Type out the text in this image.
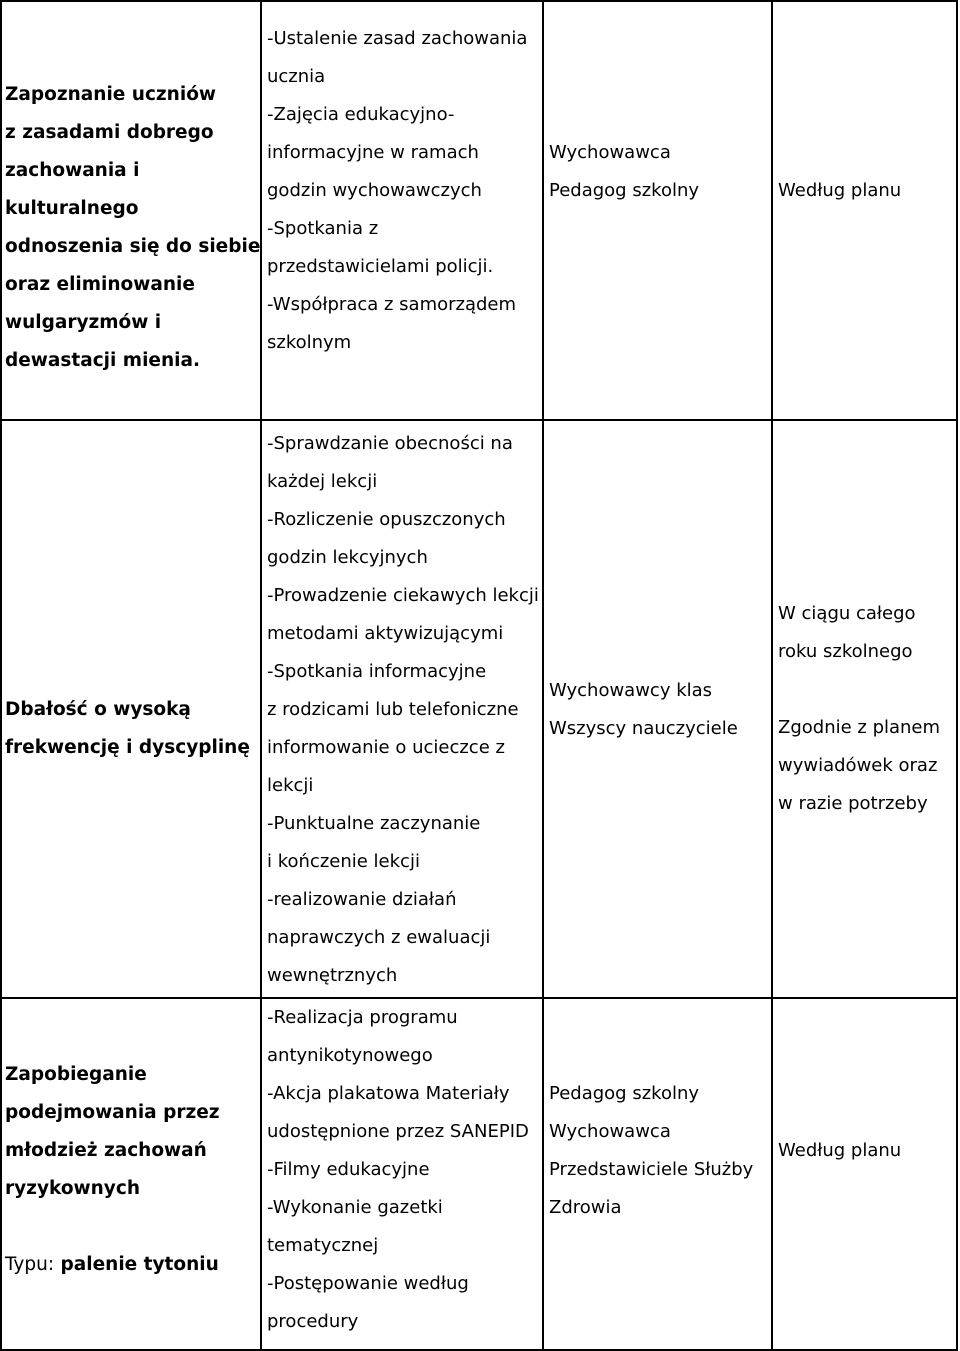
Zapoznanie uczniów
z zasadami dobrego
zachowania i
kulturalnego
odnoszenia się do siebie
oraz eliminowanie
wulgaryzmów i
dewastacji mienia.
-Ustalenie zasad zachowania
ucznia
-Zajęcia edukacyjno-
informacyjne w ramach
godzin wychowawczych
-Spotkania z
przedstawicielami policji.
-Współpraca z samorządem
szkolnym
Wychowawca
Pedagog szkolny	Według planu
Dbałość o wysoką
frekwencję i dyscyplinę
-Sprawdzanie obecności na
każdej lekcji
-Rozliczenie opuszczonych
godzin lekcyjnych
-Prowadzenie ciekawych lekcji
metodami aktywizującymi
-Spotkania informacyjne
z rodzicami lub telefoniczne
informowanie o ucieczce z
lekcji
-Punktualne zaczynanie
i kończenie lekcji
-realizowanie działań
naprawczych z ewaluacji
wewnętrznych
Wychowawcy klas
Wszyscy nauczyciele
W ciągu całego
roku szkolnego
Zgodnie z planem
wywiadówek oraz
w razie potrzeby
Zapobieganie
podejmowania przez
młodzież zachowań
ryzykownych
Typu: palenie tytoniu
-Realizacja programu
antynikotynowego
-Akcja plakatowa Materiały
udostępnione przez SANEPID
-Filmy edukacyjne
-Wykonanie gazetki
tematycznej
-Postępowanie według
procedury
Pedagog szkolny
Wychowawca
Przedstawiciele Służby
Zdrowia
Według planu
